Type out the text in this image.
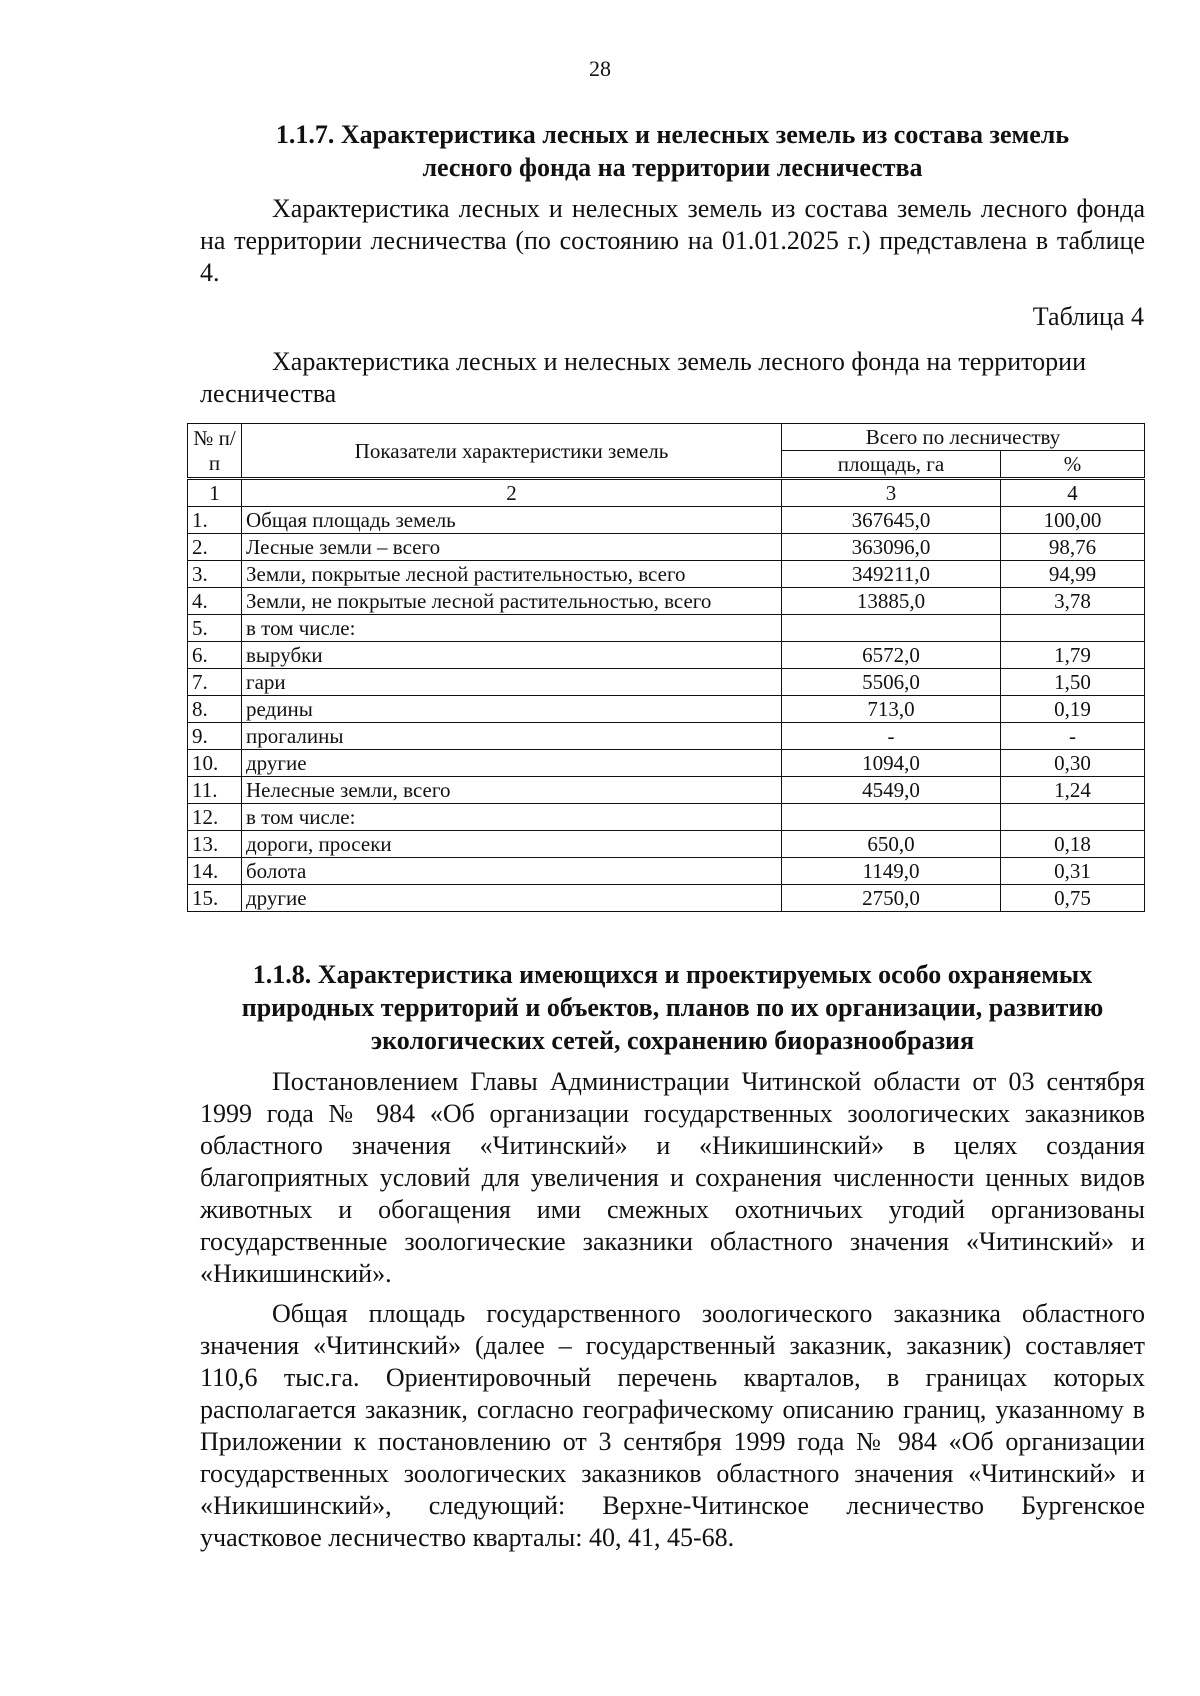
28
1.1.7. Характеристика лесных и нелесных земель из состава земель
лесного фонда на территории лесничества
Характеристика лесных и нелесных земель из состава земель лесного фонда на территории лесничества (по состоянию на 01.01.2025 г.) представлена в таблице 4.
Таблица 4
Характеристика лесных и нелесных земель лесного фонда на территории лесничества
№ п/п	Показатели характеристики земель	Всего по лесничеству	
		площадь, га	%
1	2	3	4
1.	Общая площадь земель	367645,0	100,00
2.	Лесные земли – всего	363096,0	98,76
3.	Земли, покрытые лесной растительностью, всего	349211,0	94,99
4.	Земли, не покрытые лесной растительностью, всего	13885,0	3,78
5.	в том числе:		
6.	вырубки	6572,0	1,79
7.	гари	5506,0	1,50
8.	редины	713,0	0,19
9.	прогалины	-	-
10.	другие	1094,0	0,30
11.	Нелесные земли, всего	4549,0	1,24
12.	в том числе:		
13.	дороги, просеки	650,0	0,18
14.	болота	1149,0	0,31
15.	другие	2750,0	0,75
1.1.8. Характеристика имеющихся и проектируемых особо охраняемых
природных территорий и объектов, планов по их организации, развитию
экологических сетей, сохранению биоразнообразия
Постановлением Главы Администрации Читинской области от 03 сентября 1999 года № 984 «Об организации государственных зоологических заказников областного значения «Читинский» и «Никишинский» в целях создания благоприятных условий для увеличения и сохранения численности ценных видов животных и обогащения ими смежных охотничьих угодий организованы государственные зоологические заказники областного значения «Читинский» и «Никишинский».
Общая площадь государственного зоологического заказника областного значения «Читинский» (далее – государственный заказник, заказник) составляет 110,6 тыс.га. Ориентировочный перечень кварталов, в границах которых располагается заказник, согласно географическому описанию границ, указанному в Приложении к постановлению от 3 сентября 1999 года № 984 «Об организации государственных зоологических заказников областного значения «Читинский» и «Никишинский», следующий: Верхне-Читинское лесничество Бургенское участковое лесничество кварталы: 40, 41, 45-68.
